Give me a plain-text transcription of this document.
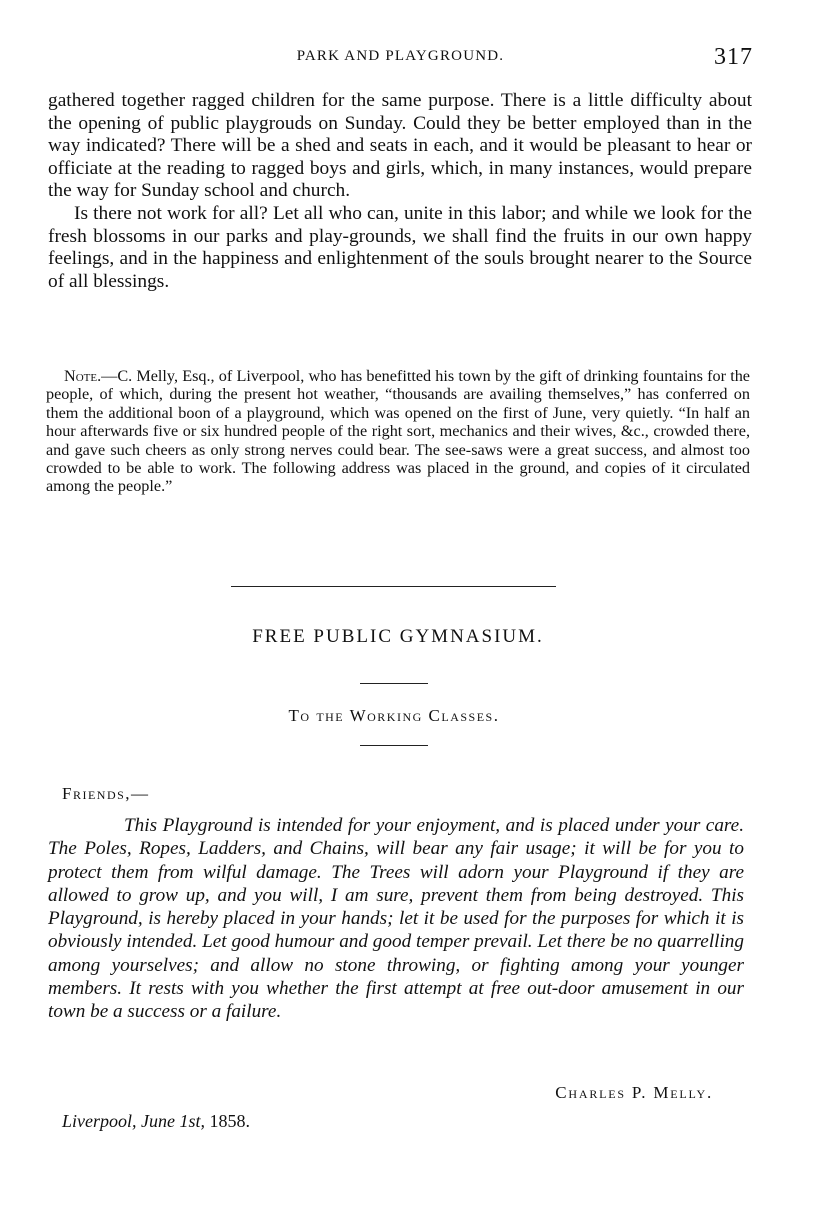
PARK AND PLAYGROUND.	317

gathered together ragged children for the same purpose. There is a little difficulty about the opening of public playgrouds on Sunday. Could they be better employed than in the way indicated? There will be a shed and seats in each, and it would be pleasant to hear or officiate at the reading to ragged boys and girls, which, in many instances, would prepare the way for Sunday school and church.

Is there not work for all? Let all who can, unite in this labor; and while we look for the fresh blossoms in our parks and play-grounds, we shall find the fruits in our own happy feelings, and in the happiness and enlightenment of the souls brought nearer to the Source of all blessings.

Note.—C. Melly, Esq., of Liverpool, who has benefitted his town by the gift of drinking fountains for the people, of which, during the present hot weather, “thousands are availing themselves,” has conferred on them the additional boon of a playground, which was opened on the first of June, very quietly. “In half an hour afterwards five or six hundred people of the right sort, mechanics and their wives, &c., crowded there, and gave such cheers as only strong nerves could bear. The see-saws were a great success, and almost too crowded to be able to work. The following address was placed in the ground, and copies of it circulated among the people.”
FREE PUBLIC GYMNASIUM.
To the Working Classes.
Friends,—
This Playground is intended for your enjoyment, and is placed under your care. The Poles, Ropes, Ladders, and Chains, will bear any fair usage; it will be for you to protect them from wilful damage. The Trees will adorn your Playground if they are allowed to grow up, and you will, I am sure, prevent them from being destroyed. This Playground, is hereby placed in your hands; let it be used for the purposes for which it is obviously intended. Let good humour and good temper prevail. Let there be no quarrelling among yourselves; and allow no stone throwing, or fighting among your younger members. It rests with you whether the first attempt at free out-door amusement in our town be a success or a failure.
Charles P. Melly.
Liverpool, June 1st, 1858.
